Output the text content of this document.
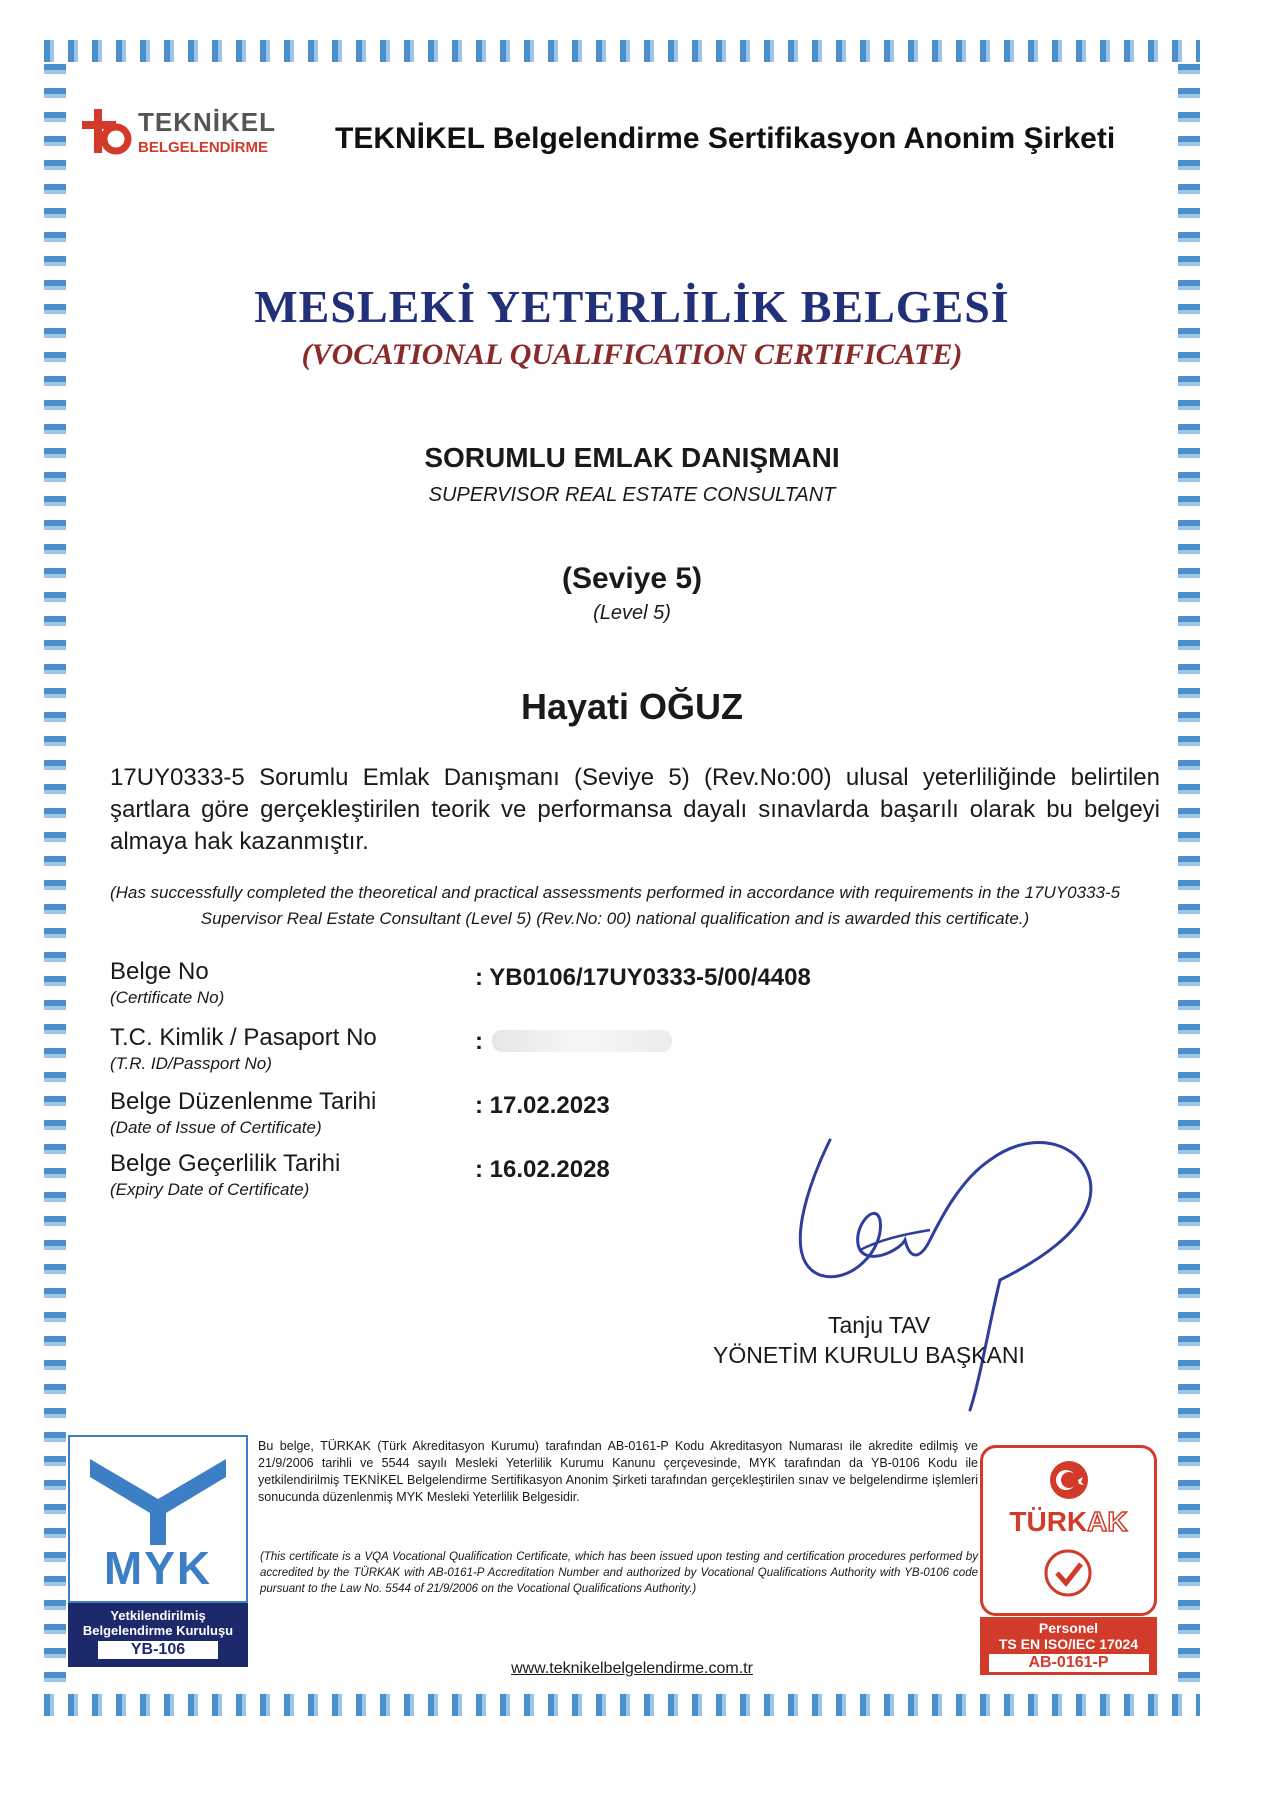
TEKNİKEL
BELGELENDİRME TEKNİKEL Belgelendirme Sertifikasyon Anonim Şirketi
MESLEKİ YETERLİLİK BELGESİ
(VOCATIONAL QUALIFICATION CERTIFICATE)
SORUMLU EMLAK DANIŞMANI
SUPERVISOR REAL ESTATE CONSULTANT
(Seviye 5)
(Level 5)
Hayati OĞUZ
17UY0333-5 Sorumlu Emlak Danışmanı (Seviye 5) (Rev.No:00) ulusal yeterliliğinde belirtilen şartlara göre gerçekleştirilen teorik ve performansa dayalı sınavlarda başarılı olarak bu belgeyi almaya hak kazanmıştır.
(Has successfully completed the theoretical and practical assessments performed in accordance with requirements in the 17UY0333-5 Supervisor Real Estate Consultant (Level 5) (Rev.No: 00) national qualification and is awarded this certificate.)
Belge No
(Certificate No)
: YB0106/17UY0333-5/00/4408
T.C. Kimlik / Pasaport No
(T.R. ID/Passport No)
:
Belge Düzenlenme Tarihi
(Date of Issue of Certificate)
: 17.02.2023
Belge Geçerlilik Tarihi
(Expiry Date of Certificate)
: 16.02.2028
Tanju TAV
YÖNETİM KURULU BAŞKANI
MYK
Yetkilendirilmiş
Belgelendirme Kuruluşu
YB-106
Bu belge, TÜRKAK (Türk Akreditasyon Kurumu) tarafından AB-0161-P Kodu Akreditasyon Numarası ile akredite edilmiş ve 21/9/2006 tarihli ve 5544 sayılı Mesleki Yeterlilik Kurumu Kanunu çerçevesinde, MYK tarafından da YB-0106 Kodu ile yetkilendirilmiş TEKNİKEL Belgelendirme Sertifikasyon Anonim Şirketi tarafından gerçekleştirilen sınav ve belgelendirme işlemleri sonucunda düzenlenmiş MYK Mesleki Yeterlilik Belgesidir.
(This certificate is a VQA Vocational Qualification Certificate, which has been issued upon testing and certification procedures performed by accredited by the TÜRKAK with AB-0161-P Accreditation Number and authorized by Vocational Qualifications Authority with YB-0106 code pursuant to the Law No. 5544 of 21/9/2006 on the Vocational Qualifications Authority.)
www.teknikelbelgelendirme.com.tr
TÜRKAK
Personel
TS EN ISO/IEC 17024
AB-0161-P
